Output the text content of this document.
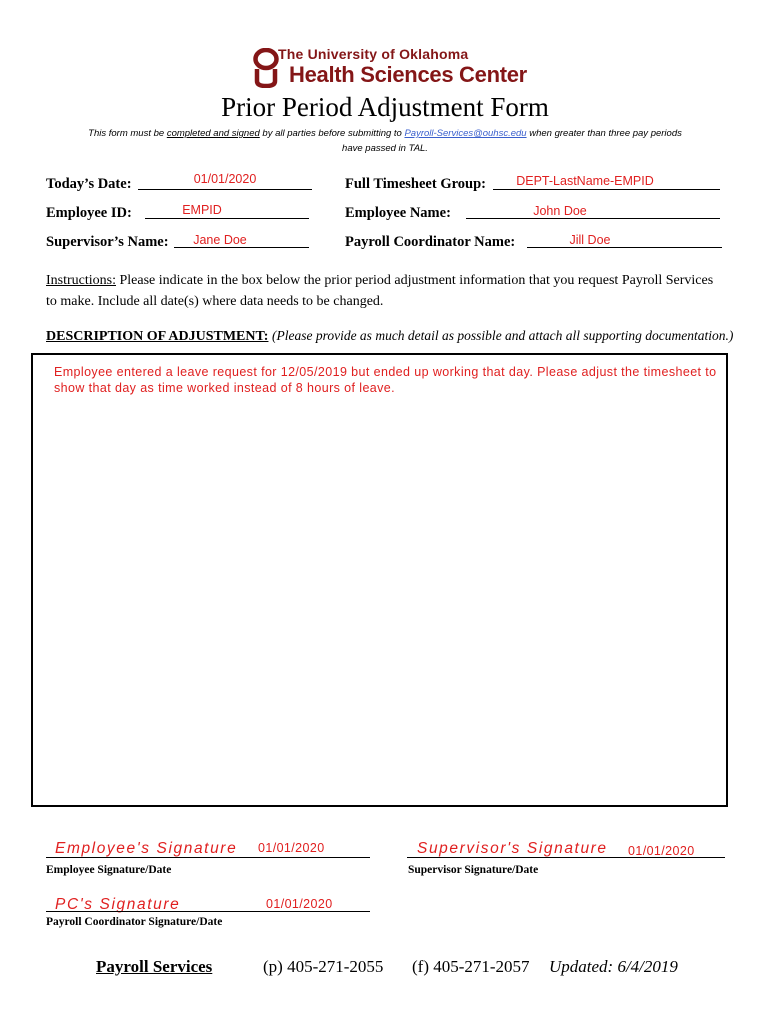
The University of Oklahoma
Health Sciences Center
Prior Period Adjustment Form
This form must be completed and signed by all parties before submitting to Payroll-Services@ouhsc.edu when greater than three pay periods have passed in TAL.
Today’s Date:	01/01/2020	Full Timesheet Group:	DEPT-LastName-EMPID
Employee ID:	EMPID	Employee Name:	John Doe
Supervisor’s Name:	Jane Doe	Payroll Coordinator Name:	Jill Doe
Instructions: Please indicate in the box below the prior period adjustment information that you request Payroll Services to make. Include all date(s) where data needs to be changed.
DESCRIPTION OF ADJUSTMENT: (Please provide as much detail as possible and attach all supporting documentation.)
Employee entered a leave request for 12/05/2019 but ended up working that day. Please adjust the timesheet to show that day as time worked instead of 8 hours of leave.
Employee's Signature 01/01/2020
Employee Signature/Date
Supervisor's Signature 01/01/2020
Supervisor Signature/Date
PC's Signature	01/01/2020
Payroll Coordinator Signature/Date
Payroll Services	(p) 405-271-2055 (f) 405-271-2057 Updated: 6/4/2019
